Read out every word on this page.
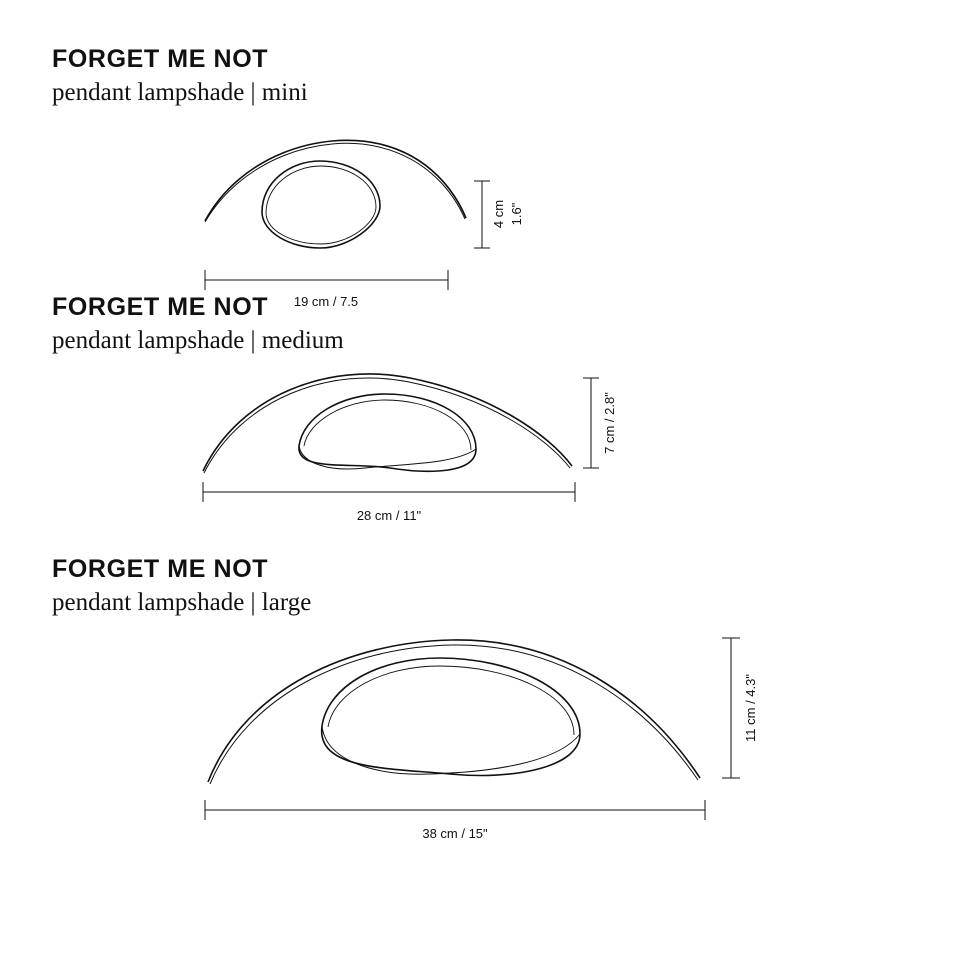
FORGET ME NOT
pendant lampshade | mini
4 cm 1.6"
19 cm / 7.5
FORGET ME NOT
pendant lampshade | medium
7 cm / 2.8"
28 cm / 11"
FORGET ME NOT
pendant lampshade | large
11 cm / 4.3"
38 cm / 15"
